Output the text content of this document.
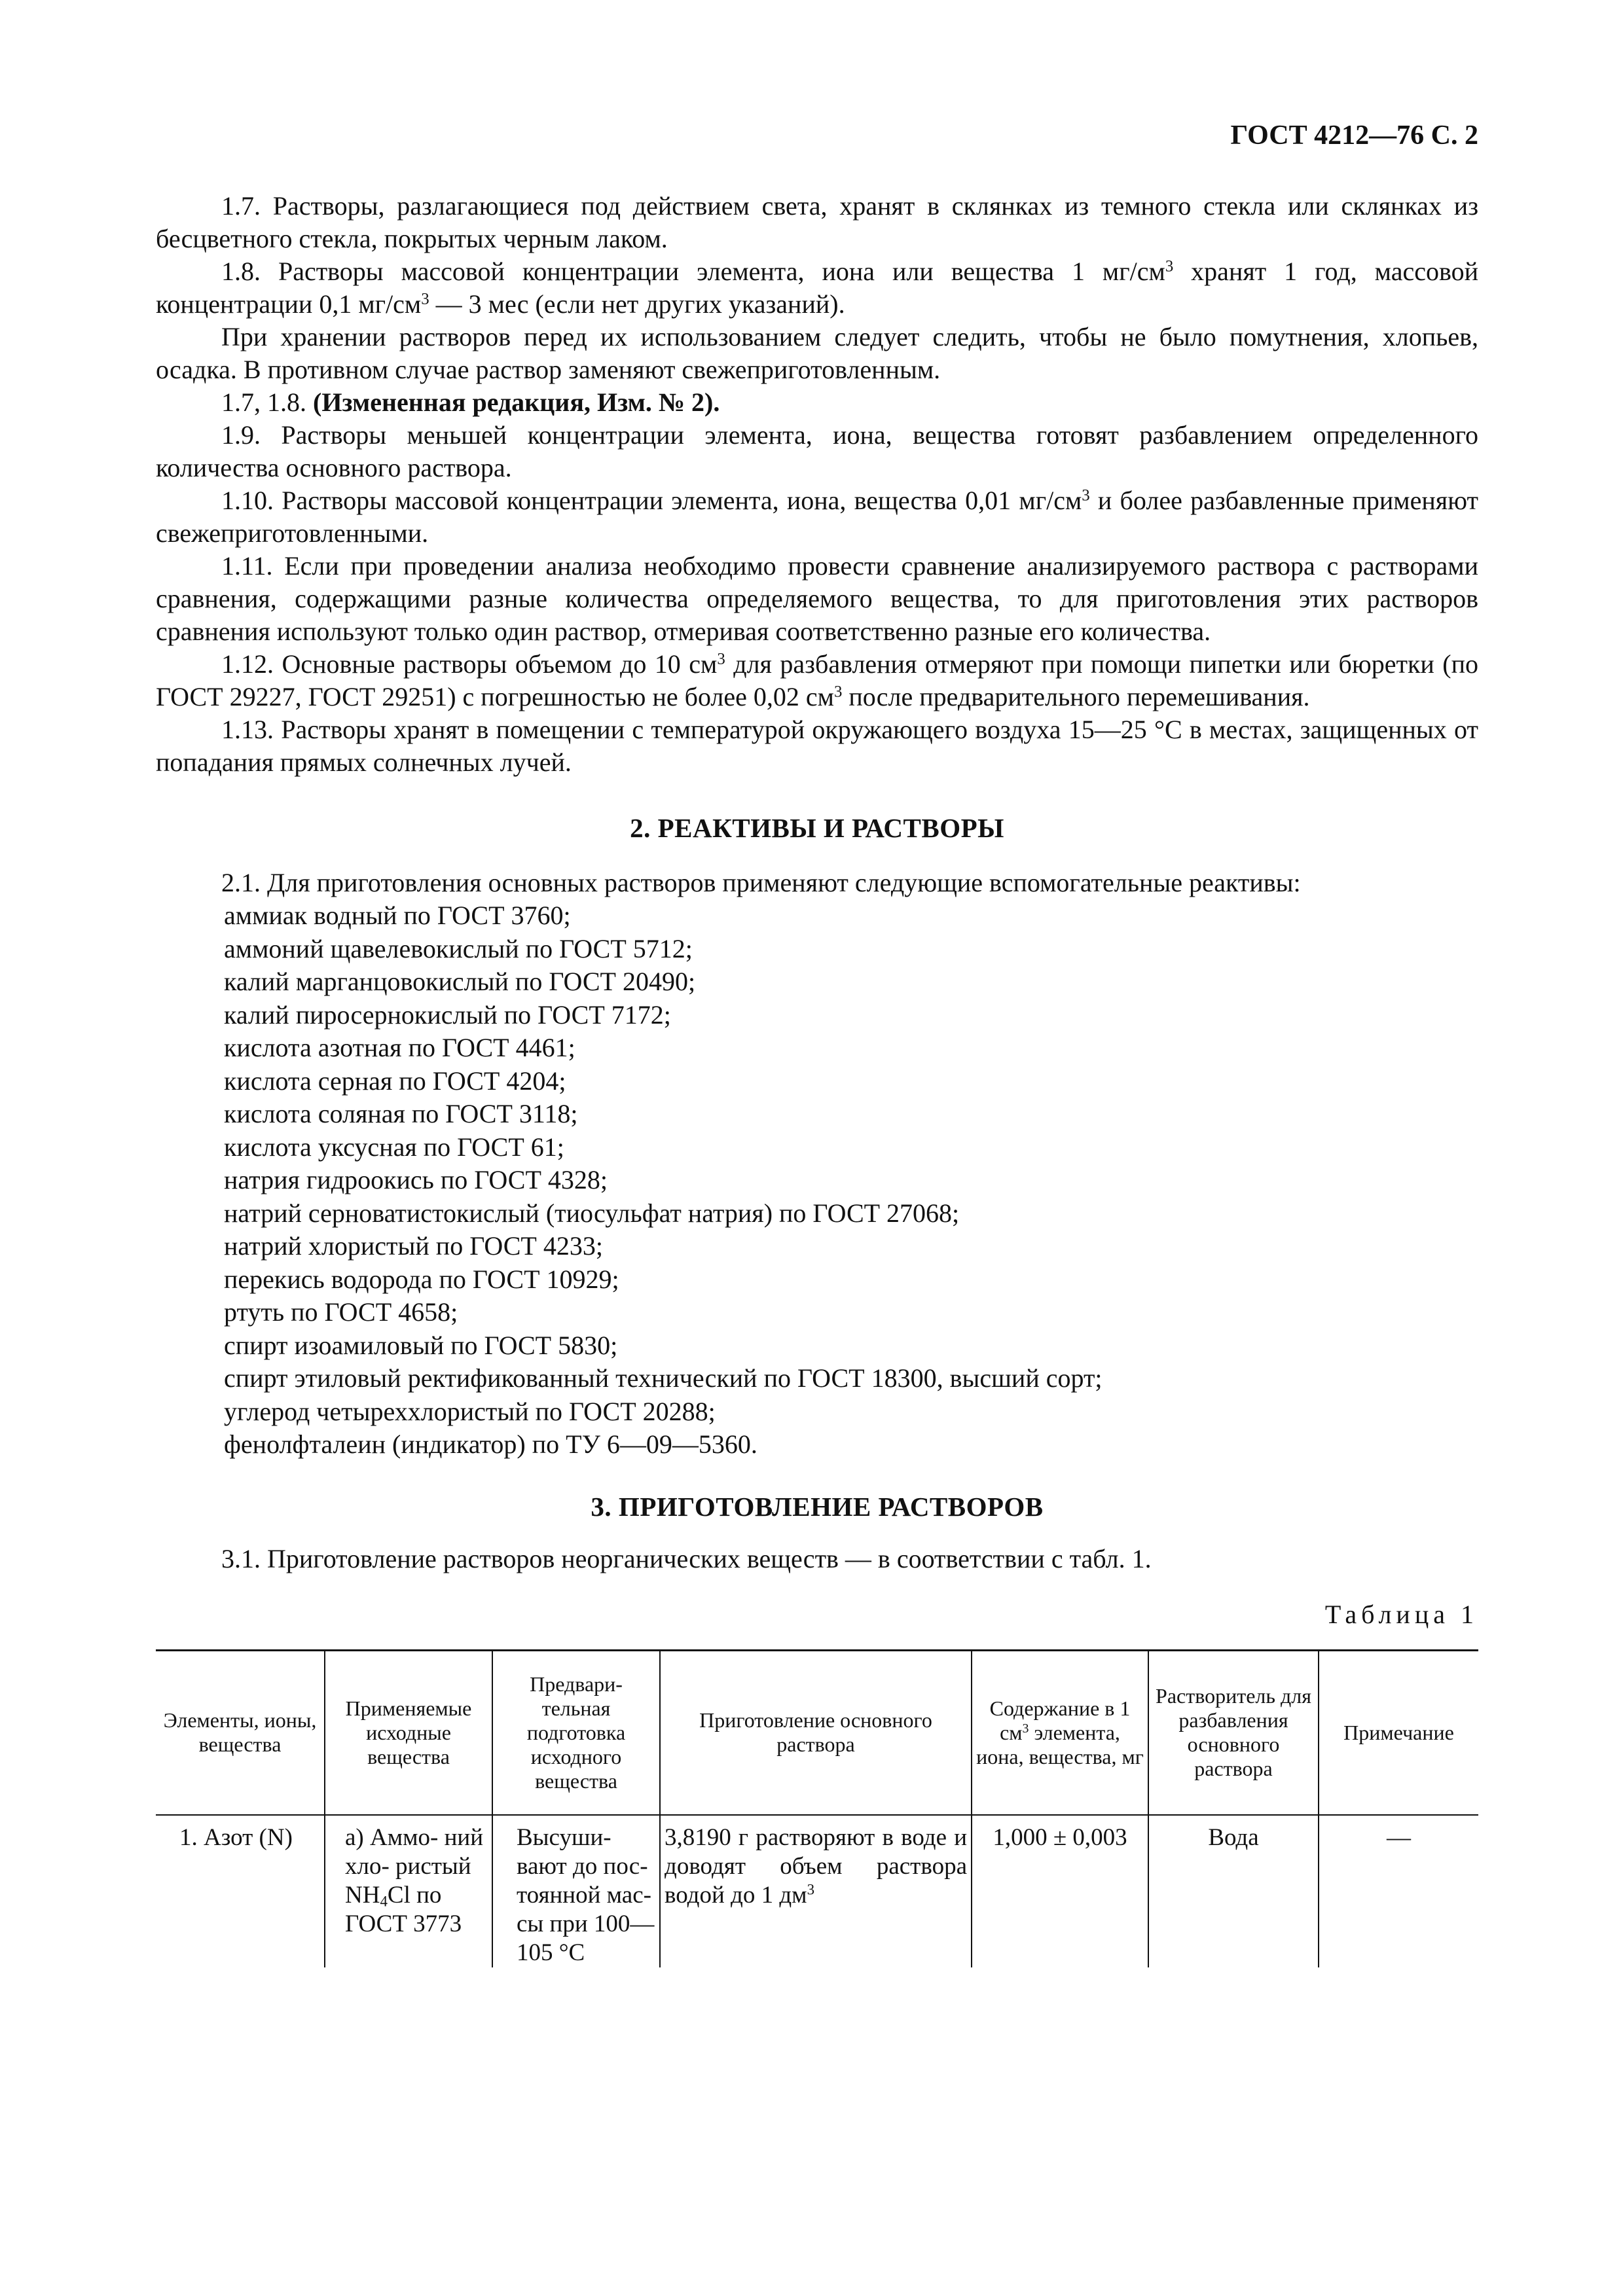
ГОСТ 4212—76 С. 2

1.7. Растворы, разлагающиеся под действием света, хранят в склянках из темного стекла или склянках из бесцветного стекла, покрытых черным лаком.

1.8. Растворы массовой концентрации элемента, иона или вещества 1 $мг/см^3$ хранят 1 год, массовой концентрации 0,1 $мг/см^3$ — 3 мес (если нет других указаний).

При хранении растворов перед их использованием следует следить, чтобы не было помутнения, хлопьев, осадка. В противном случае раствор заменяют свежеприготовленным.

1.7, 1.8. (Измененная редакция, Изм. № 2).

1.9. Растворы меньшей концентрации элемента, иона, вещества готовят разбавлением определенного количества основного раствора.

1.10. Растворы массовой концентрации элемента, иона, вещества 0,01 $мг/см^3$ и более разбавленные применяют свежеприготовленными.

1.11. Если при проведении анализа необходимо провести сравнение анализируемого раствора с растворами сравнения, содержащими разные количества определяемого вещества, то для приготовления этих растворов сравнения используют только один раствор, отмеривая соответственно разные его количества.

1.12. Основные растворы объемом до 10 $см^3$ для разбавления отмеряют при помощи пипетки или бюретки (по ГОСТ 29227, ГОСТ 29251) с погрешностью не более 0,02 $см^3$ после предварительного перемешивания.

1.13. Растворы хранят в помещении с температурой окружающего воздуха 15—25 °С в местах, защищенных от попадания прямых солнечных лучей.

2. РЕАКТИВЫ И РАСТВОРЫ

2.1. Для приготовления основных растворов применяют следующие вспомогательные реактивы:

аммиак водный по ГОСТ 3760;
аммоний щавелевокислый по ГОСТ 5712;
калий марганцовокислый по ГОСТ 20490;
калий пиросернокислый по ГОСТ 7172;
кислота азотная по ГОСТ 4461;
кислота серная по ГОСТ 4204;
кислота соляная по ГОСТ 3118;
кислота уксусная по ГОСТ 61;
натрия гидроокись по ГОСТ 4328;
натрий серноватистокислый (тиосульфат натрия) по ГОСТ 27068;
натрий хлористый по ГОСТ 4233;
перекись водорода по ГОСТ 10929;
ртуть по ГОСТ 4658;
спирт изоамиловый по ГОСТ 5830;
спирт этиловый ректификованный технический по ГОСТ 18300, высший сорт;
углерод четыреххлористый по ГОСТ 20288;
фенолфталеин (индикатор) по ТУ 6—09—5360.
3. ПРИГОТОВЛЕНИЕ РАСТВОРОВ

3.1. Приготовление растворов неорганических веществ — в соответствии с табл. 1.

Таблица 1
Элементы, ионы, вещества	Применяемые исходные вещества	Предвари- тельная подготовка исходного вещества	Приготовление основного раствора	Содержание в 1 $см^3$ элемента, иона, вещества, мг	Растворитель для разбавления основного раствора	Примечание
1. Азот (N)	а) Аммо- ний хло- ристый $NH_4Cl$ по ГОСТ 3773	Высуши- вают до пос- тоянной мас- сы при 100—105 °С	3,8190 г растворяют в воде и доводят объем раствора водой до 1 $дм^3$	1,000 ± 0,003	Вода	—
